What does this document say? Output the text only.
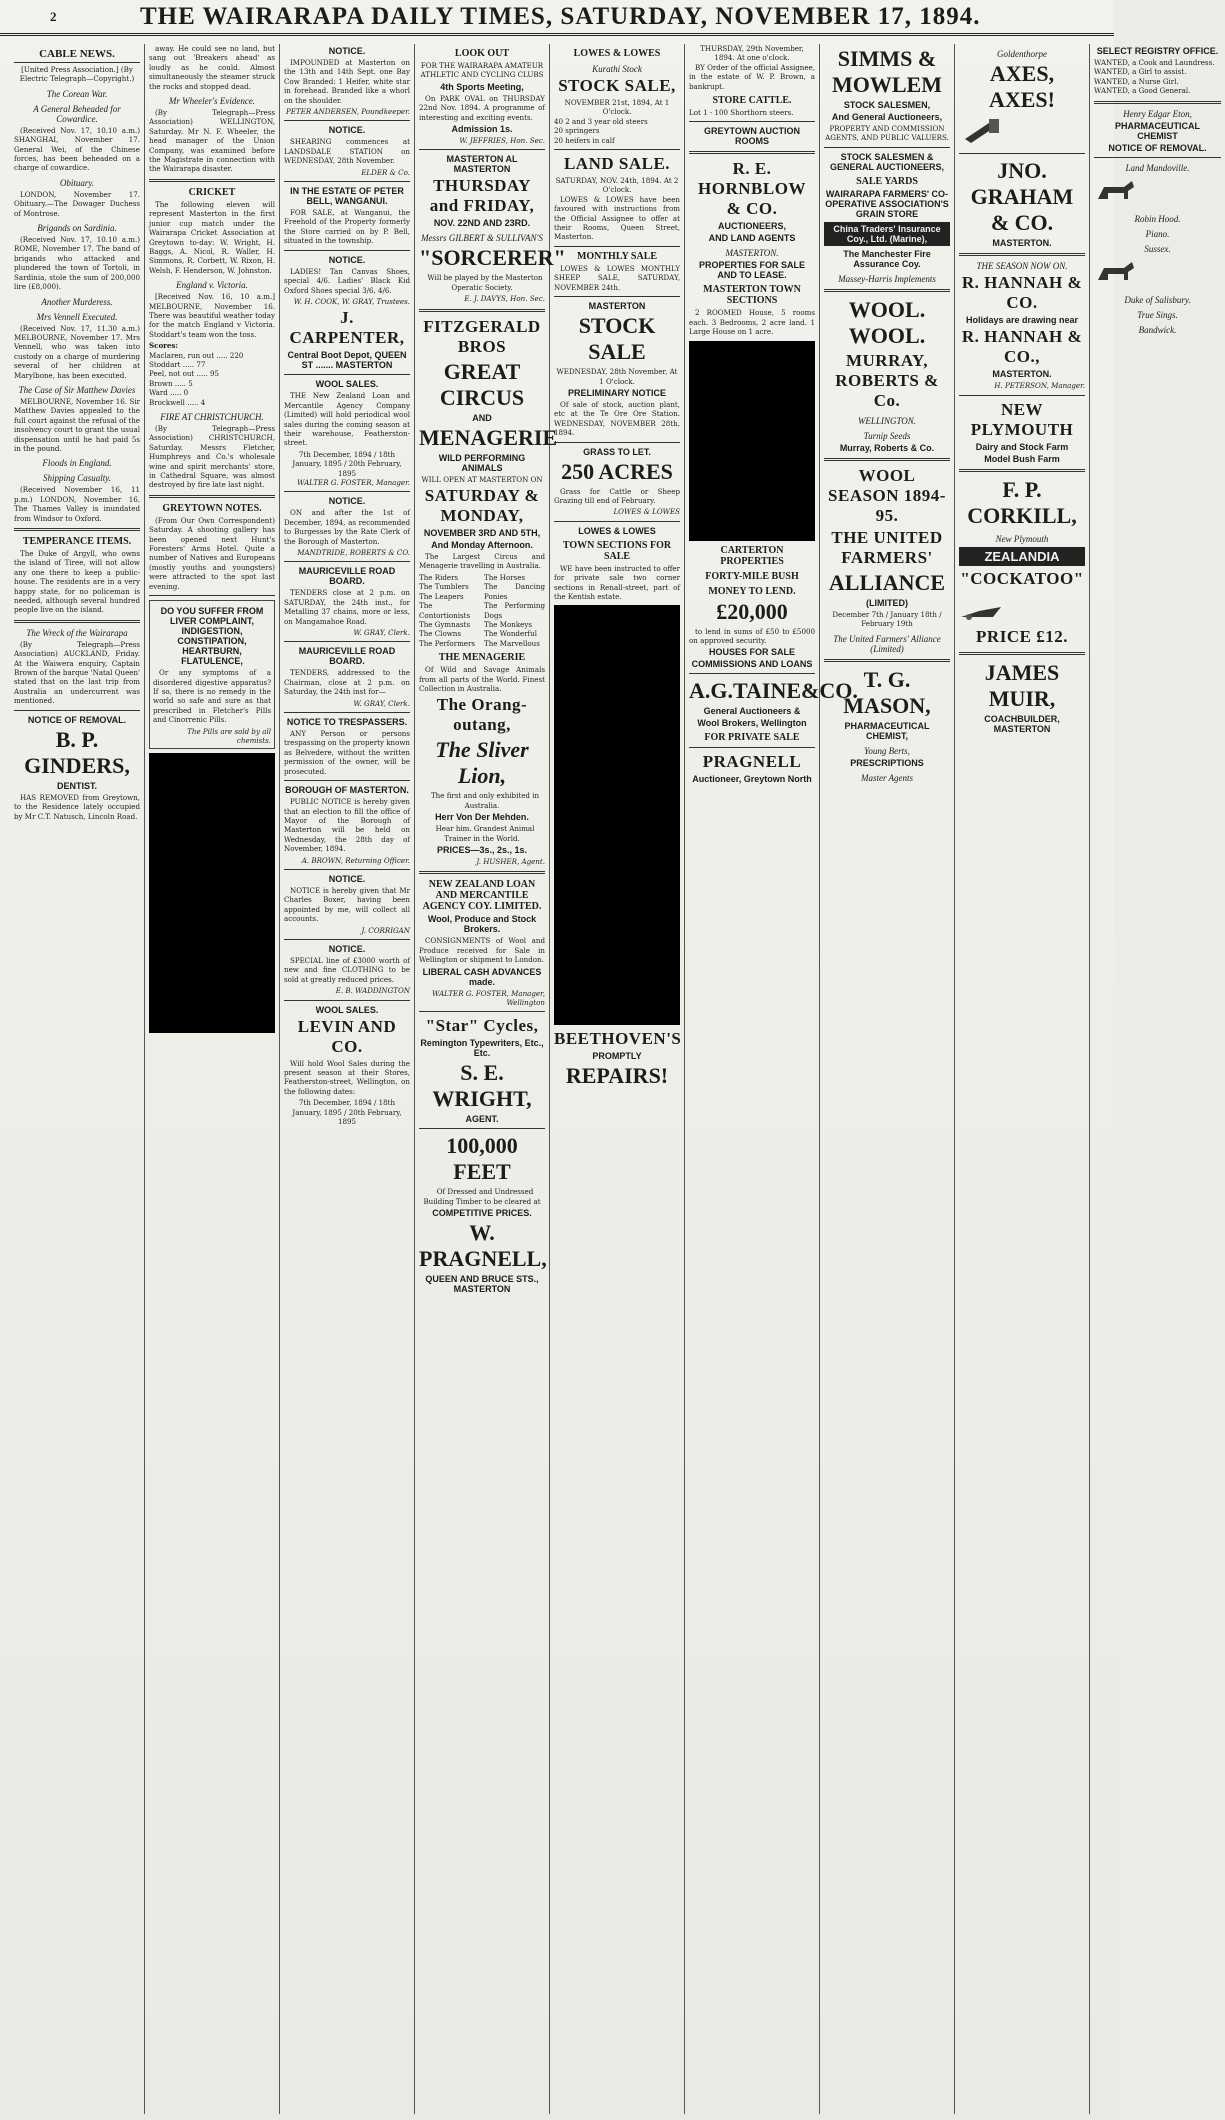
2	THE WAIRARAPA DAILY TIMES, SATURDAY, NOVEMBER 17, 1894.
CABLE NEWS.
[United Press Association.] (By Electric Telegraph—Copyright.)
The Corean War.
A General Beheaded for Cowardice.

(Received Nov. 17, 10.10 a.m.) SHANGHAI, November 17. General Wei, of the Chinese forces, has been beheaded on a charge of cowardice.

Obituary.

LONDON, November 17. Obituary.—The Dowager Duchess of Montrose.

Brigands on Sardinia.

(Received Nov. 17, 10.10 a.m.) ROME, November 17. The band of brigands who attacked and plundered the town of Tortoli, in Sardinia, stole the sum of 200,000 lire (£8,000).

Another Murderess.
Mrs Vennell Executed.

(Received Nov. 17, 11.30 a.m.) MELBOURNE, November 17. Mrs Vennell, who was taken into custody on a charge of murdering several of her children at Marylbone, has been executed.

The Case of Sir Matthew Davies

MELBOURNE, November 16. Sir Matthew Davies appealed to the full court against the refusal of the insolvency court to grant the usual dispensation until he had paid 5s in the pound.

Floods in England.
Shipping Casualty.

(Received November 16, 11 p.m.) LONDON, November 16. The Thames Valley is inundated from Windsor to Oxford.

TEMPERANCE ITEMS.

The Duke of Argyll, who owns the island of Tiree, will not allow any one there to keep a public-house. The residents are in a very happy state, for no policeman is needed, although several hundred people live on the island.

The Wreck of the Wairarapa

(By Telegraph—Press Association) AUCKLAND, Friday. At the Waiwera enquiry, Captain Brown of the barque 'Natal Queen' stated that on the last trip from Australia an undercurrent was mentioned.

NOTICE OF REMOVAL.
B. P. GINDERS,
DENTIST.

HAS REMOVED from Greytown, to the Residence lately occupied by Mr C.T. Natusch, Lincoln Road.

away. He could see no land, but sang out 'Breakers ahead' as loudly as he could. Almost simultaneously the steamer struck the rocks and stopped dead.

Mr Wheeler's Evidence.

(By Telegraph—Press Association) WELLINGTON, Saturday. Mr N. F. Wheeler, the head manager of the Union Company, was examined before the Magistrate in connection with the Wairarapa disaster.

CRICKET

The following eleven will represent Masterton in the first junior cup match under the Wairarapa Cricket Association at Greytown to-day: W. Wright, H. Baggs, A. Nicol, R. Waller, H. Simmons, R. Corbett, W. Rixon, H. Welsh, F. Henderson, W. Johnston.

England v. Victoria.

[Received Nov. 16, 10 a.m.] MELBOURNE, November 16. There was beautiful weather today for the match England v Victoria. Stoddart's team won the toss.

Scores:
Maclaren, run out ..... 220
Stoddart ..... 77
Peel, not out ..... 95
Brown ..... 5
Ward ..... 0
Brockwell ..... 4
FIRE AT CHRISTCHURCH.

(By Telegraph—Press Association) CHRISTCHURCH, Saturday. Messrs Fletcher, Humphreys and Co.'s wholesale wine and spirit merchants' store, in Cathedral Square, was almost destroyed by fire late last night.

GREYTOWN NOTES.

(From Our Own Correspondent) Saturday. A shooting gallery has been opened next Hunt's Foresters' Arms Hotel. Quite a number of Natives and Europeans (mostly youths and youngsters) were attracted to the spot last evening.

DO YOU SUFFER FROM LIVER COMPLAINT, INDIGESTION, CONSTIPATION, HEARTBURN, FLATULENCE,

Or any symptoms of a disordered digestive apparatus? If so, there is no remedy in the world so safe and sure as that prescribed in Fletcher's Pills and Cinorrenic Pills.

The Pills are sold by all chemists.
NOTICE.

IMPOUNDED at Masterton on the 13th and 14th Sept. one Bay Cow Branded: 1 Heifer, white star in forehead. Branded like a whorl on the shoulder.

PETER ANDERSEN, Poundkeeper.
NOTICE.

SHEARING commences at LANDSDALE STATION on WEDNESDAY, 28th November.

ELDER & Co.
IN THE ESTATE OF PETER BELL, WANGANUI.

FOR SALE, at Wanganui, the Freehold of the Property formerly the Store carried on by P. Bell, situated in the township.

NOTICE.

LADIES! Tan Canvas Shoes, special 4/6. Ladies' Black Kid Oxford Shoes special 3/6, 4/6.

W. H. COOK, W. GRAY, Trustees.
J. CARPENTER,
Central Boot Depot, QUEEN ST ....... MASTERTON
WOOL SALES.

THE New Zealand Loan and Mercantile Agency Company (Limited) will hold periodical wool sales during the coming season at their warehouse, Featherston-street.

7th December, 1894 / 18th January, 1895 / 20th February, 1895
WALTER G. FOSTER, Manager.
NOTICE.

ON and after the 1st of December, 1894, as recommended to Burgesses by the Rate Clerk of the Borough of Masterton.

MANDTRIDE, ROBERTS & CO.
MAURICEVILLE ROAD BOARD.

TENDERS close at 2 p.m. on SATURDAY, the 24th inst., for Metalling 37 chains, more or less, on Mangamahoe Road.

W. GRAY, Clerk.
MAURICEVILLE ROAD BOARD.

TENDERS, addressed to the Chairman, close at 2 p.m. on Saturday, the 24th inst for—

W. GRAY, Clerk.
NOTICE TO TRESPASSERS.

ANY Person or persons trespassing on the property known as Belvedere, without the written permission of the owner, will be prosecuted.

BOROUGH OF MASTERTON.

PUBLIC NOTICE is hereby given that an election to fill the office of Mayor of the Borough of Masterton will be held on Wednesday, the 28th day of November, 1894.

A. BROWN, Returning Officer.
NOTICE.

NOTICE is hereby given that Mr Charles Boxer, having been appointed by me, will collect all accounts.

J. CORRIGAN
NOTICE.

SPECIAL line of £3000 worth of new and fine CLOTHING to be sold at greatly reduced prices.

E. B. WADDINGTON
WOOL SALES.
LEVIN AND CO.

Will hold Wool Sales during the present season at their Stores, Featherston-street, Wellington, on the following dates:

7th December, 1894 / 18th January, 1895 / 20th February, 1895
LOOK OUT
FOR THE WAIRARAPA AMATEUR ATHLETIC AND CYCLING CLUBS
4th Sports Meeting,

On PARK OVAL on THURSDAY 22nd Nov. 1894. A programme of interesting and exciting events.

Admission 1s.
W. JEFFRIES, Hon. Sec.
MASTERTON AL MASTERTON
THURSDAY and FRIDAY,
NOV. 22ND AND 23RD.
Messrs GILBERT & SULLIVAN'S
"SORCERER"

Will be played by the Masterton Operatic Society.

E. J. DAVYS, Hon. Sec.
FITZGERALD BROS
GREAT CIRCUS
AND
MENAGERIE
WILD PERFORMING ANIMALS
WILL OPEN AT MASTERTON ON
SATURDAY & MONDAY,
NOVEMBER 3RD AND 5TH,
And Monday Afternoon.

The Largest Circus and Menagerie travelling in Australia.

The Riders
The Tumblers
The Leapers
The Contortionists
The Gymnasts
The Clowns
The Performers
The Horses
The Dancing Ponies
The Performing Dogs
The Monkeys
The Wonderful
The Marvellous
THE MENAGERIE

Of Wild and Savage Animals from all parts of the World. Finest Collection in Australia.

The Orang-outang,
The Sliver Lion,

The first and only exhibited in Australia.

Herr Von Der Mehden.

Hear him. Grandest Animal Trainer in the World.

PRICES—3s., 2s., 1s.
J. HUSHER, Agent.
NEW ZEALAND LOAN AND MERCANTILE AGENCY COY. LIMITED.
Wool, Produce and Stock Brokers.

CONSIGNMENTS of Wool and Produce received for Sale in Wellington or shipment to London.

LIBERAL CASH ADVANCES made.
WALTER G. FOSTER, Manager, Wellington
"Star" Cycles,
Remington Typewriters, Etc., Etc.
S. E. WRIGHT,
AGENT.
100,000 FEET

Of Dressed and Undressed Building Timber to be cleared at

COMPETITIVE PRICES.
W. PRAGNELL,
QUEEN AND BRUCE STS., MASTERTON
LOWES & LOWES
Kurathi Stock
STOCK SALE,
NOVEMBER 21st, 1894, At 1 O'clock.
40 2 and 3 year old steers
20 springers
20 heifers in calf
LAND SALE.
SATURDAY, NOV. 24th, 1894. At 2 O'clock.

LOWES & LOWES have been favoured with instructions from the Official Assignee to offer at their Rooms, Queen Street, Masterton.

MONTHLY SALE

LOWES & LOWES MONTHLY SHEEP SALE, SATURDAY, NOVEMBER 24th.

MASTERTON
STOCK SALE
WEDNESDAY, 28th November, At 1 O'clock.
PRELIMINARY NOTICE

Of sale of stock, auction plant, etc at the Te Ore Ore Station. WEDNESDAY, NOVEMBER 28th, 1894.

GRASS TO LET.
250 ACRES

Grass for Cattle or Sheep Grazing till end of February.

LOWES & LOWES
LOWES & LOWES
TOWN SECTIONS FOR SALE

WE have been instructed to offer for private sale two corner sections in Renall-street, part of the Kentish estate.

BEETHOVEN'S
PROMPTLY
REPAIRS!
THURSDAY, 29th November, 1894. At one o'clock.

BY Order of the official Assignee, in the estate of W. P. Brown, a bankrupt.

STORE CATTLE.
Lot 1 - 100 Shorthorn steers.
GREYTOWN AUCTION ROOMS
R. E. HORNBLOW & CO.
AUCTIONEERS,
AND LAND AGENTS
MASTERTON.
PROPERTIES FOR SALE AND TO LEASE.
MASTERTON TOWN SECTIONS

2 ROOMED House, 5 rooms each. 3 Bedrooms, 2 acre land. 1 Large House on 1 acre.

CARTERTON PROPERTIES
FORTY-MILE BUSH
MONEY TO LEND.
£20,000

to lend in sums of £50 to £5000 on approved security.

HOUSES FOR SALE
COMMISSIONS AND LOANS
A.G.TAINE&CO.
General Auctioneers &
Wool Brokers, Wellington
FOR PRIVATE SALE
PRAGNELL
Auctioneer, Greytown North
SIMMS & MOWLEM
STOCK SALESMEN,
And General Auctioneers,
PROPERTY AND COMMISSION AGENTS, AND PUBLIC VALUERS.
STOCK SALESMEN & GENERAL AUCTIONEERS,
SALE YARDS
WAIRARAPA FARMERS' CO-OPERATIVE ASSOCIATION'S GRAIN STORE
China Traders' Insurance Coy., Ltd. (Marine),
The Manchester Fire Assurance Coy.
Massey-Harris Implements
WOOL. WOOL.
MURRAY, ROBERTS & Co.
WELLINGTON.
Turnip Seeds
Murray, Roberts & Co.
WOOL SEASON 1894-95.
THE UNITED FARMERS'
ALLIANCE
(LIMITED)
December 7th / January 18th / February 19th
The United Farmers' Alliance (Limited)
T. G. MASON,
PHARMACEUTICAL CHEMIST,
Young Berts,
PRESCRIPTIONS
Master Agents
Goldenthorpe
AXES, AXES!
JNO. GRAHAM & CO.
MASTERTON.
THE SEASON NOW ON.
R. HANNAH & CO.
Holidays are drawing near
R. HANNAH & CO.,
MASTERTON.
H. PETERSON, Manager.
NEW PLYMOUTH
Dairy and Stock Farm
Model Bush Farm
F. P. CORKILL,
New Plymouth
ZEALANDIA
"COCKATOO"
PRICE £12.
JAMES MUIR,
COACHBUILDER, MASTERTON
SELECT REGISTRY OFFICE.
WANTED, a Cook and Laundress.
WANTED, a Girl to assist.
WANTED, a Nurse Girl.
WANTED, a Good General.
Henry Edgar Eton,
PHARMACEUTICAL CHEMIST
NOTICE OF REMOVAL.
Land Mandoville.
Robin Hood.
Piano.
Sussex.
Duke of Salisbury.
True Sings.
Bandwick.
